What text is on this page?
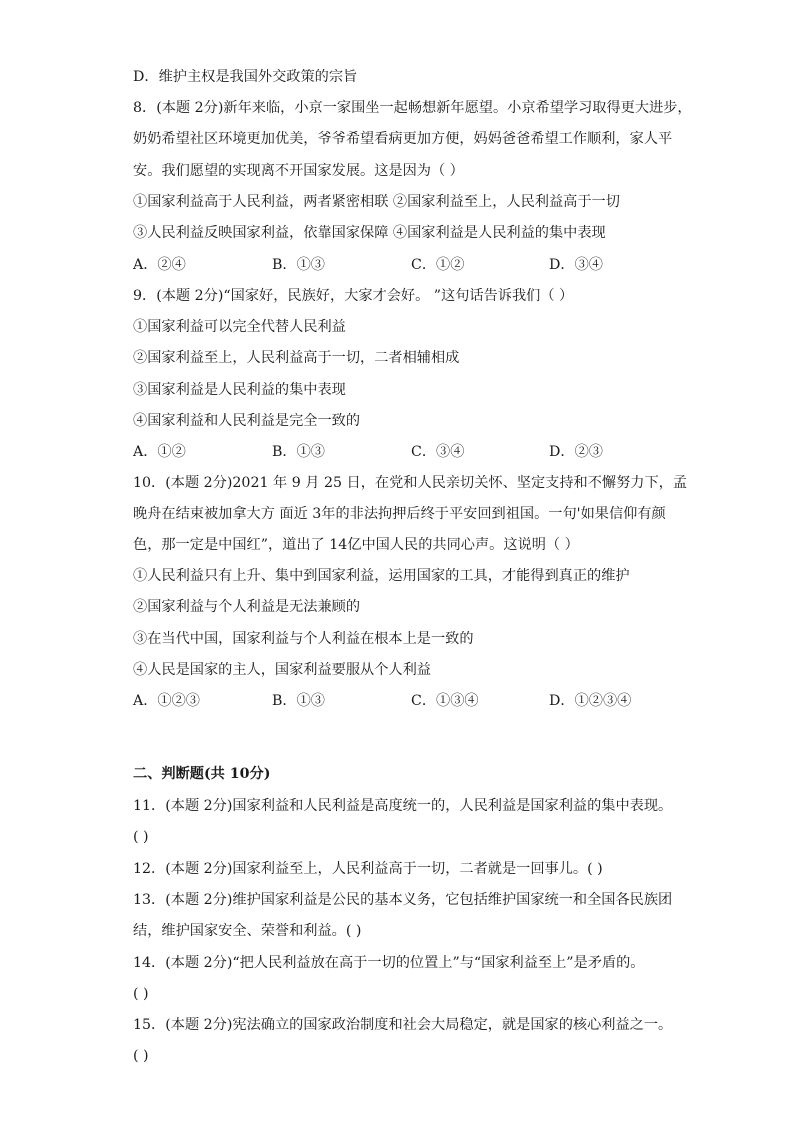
D．维护主权是我国外交政策的宗旨
8．(本题 2分)新年来临，小京一家围坐一起畅想新年愿望。小京希望学习取得更大进步，
奶奶希望社区环境更加优美，爷爷希望看病更加方便，妈妈爸爸希望工作顺利，家人平
安。我们愿望的实现离不开国家发展。这是因为（ ）
①国家利益高于人民利益，两者紧密相联 ②国家利益至上，人民利益高于一切
③人民利益反映国家利益，依靠国家保障 ④国家利益是人民利益的集中表现
A．②④	B．①③	C．①②	D．③④
9．(本题 2分)“国家好，民族好，大家才会好。 ”这句话告诉我们（ ）
①国家利益可以完全代替人民利益
②国家利益至上，人民利益高于一切，二者相辅相成
③国家利益是人民利益的集中表现
④国家利益和人民利益是完全一致的
A．①②	B．①③	C．③④	D．②③
10．(本题 2分)2021 年 9 月 25 日，在党和人民亲切关怀、坚定支持和不懈努力下，孟
晚舟在结束被加拿大方 面近 3年的非法拘押后终于平安回到祖国。一句'如果信仰有颜
色，那一定是中国红”，道出了 14亿中国人民的共同心声。这说明（ ）
①人民利益只有上升、集中到国家利益，运用国家的工具，才能得到真正的维护
②国家利益与个人利益是无法兼顾的
③在当代中国，国家利益与个人利益在根本上是一致的
④人民是国家的主人，国家利益要服从个人利益
A．①②③	B．①③	C．①③④	D．①②③④
二、判断题(共 10分)
11．(本题 2分)国家利益和人民利益是高度统一的，人民利益是国家利益的集中表现。
( )
12．(本题 2分)国家利益至上，人民利益高于一切，二者就是一回事儿。( )
13．(本题 2分)维护国家利益是公民的基本义务，它包括维护国家统一和全国各民族团
结，维护国家安全、荣誉和利益。( )
14．(本题 2分)“把人民利益放在高于一切的位置上”与“国家利益至上”是矛盾的。
( )
15．(本题 2分)宪法确立的国家政治制度和社会大局稳定，就是国家的核心利益之一。
( )
